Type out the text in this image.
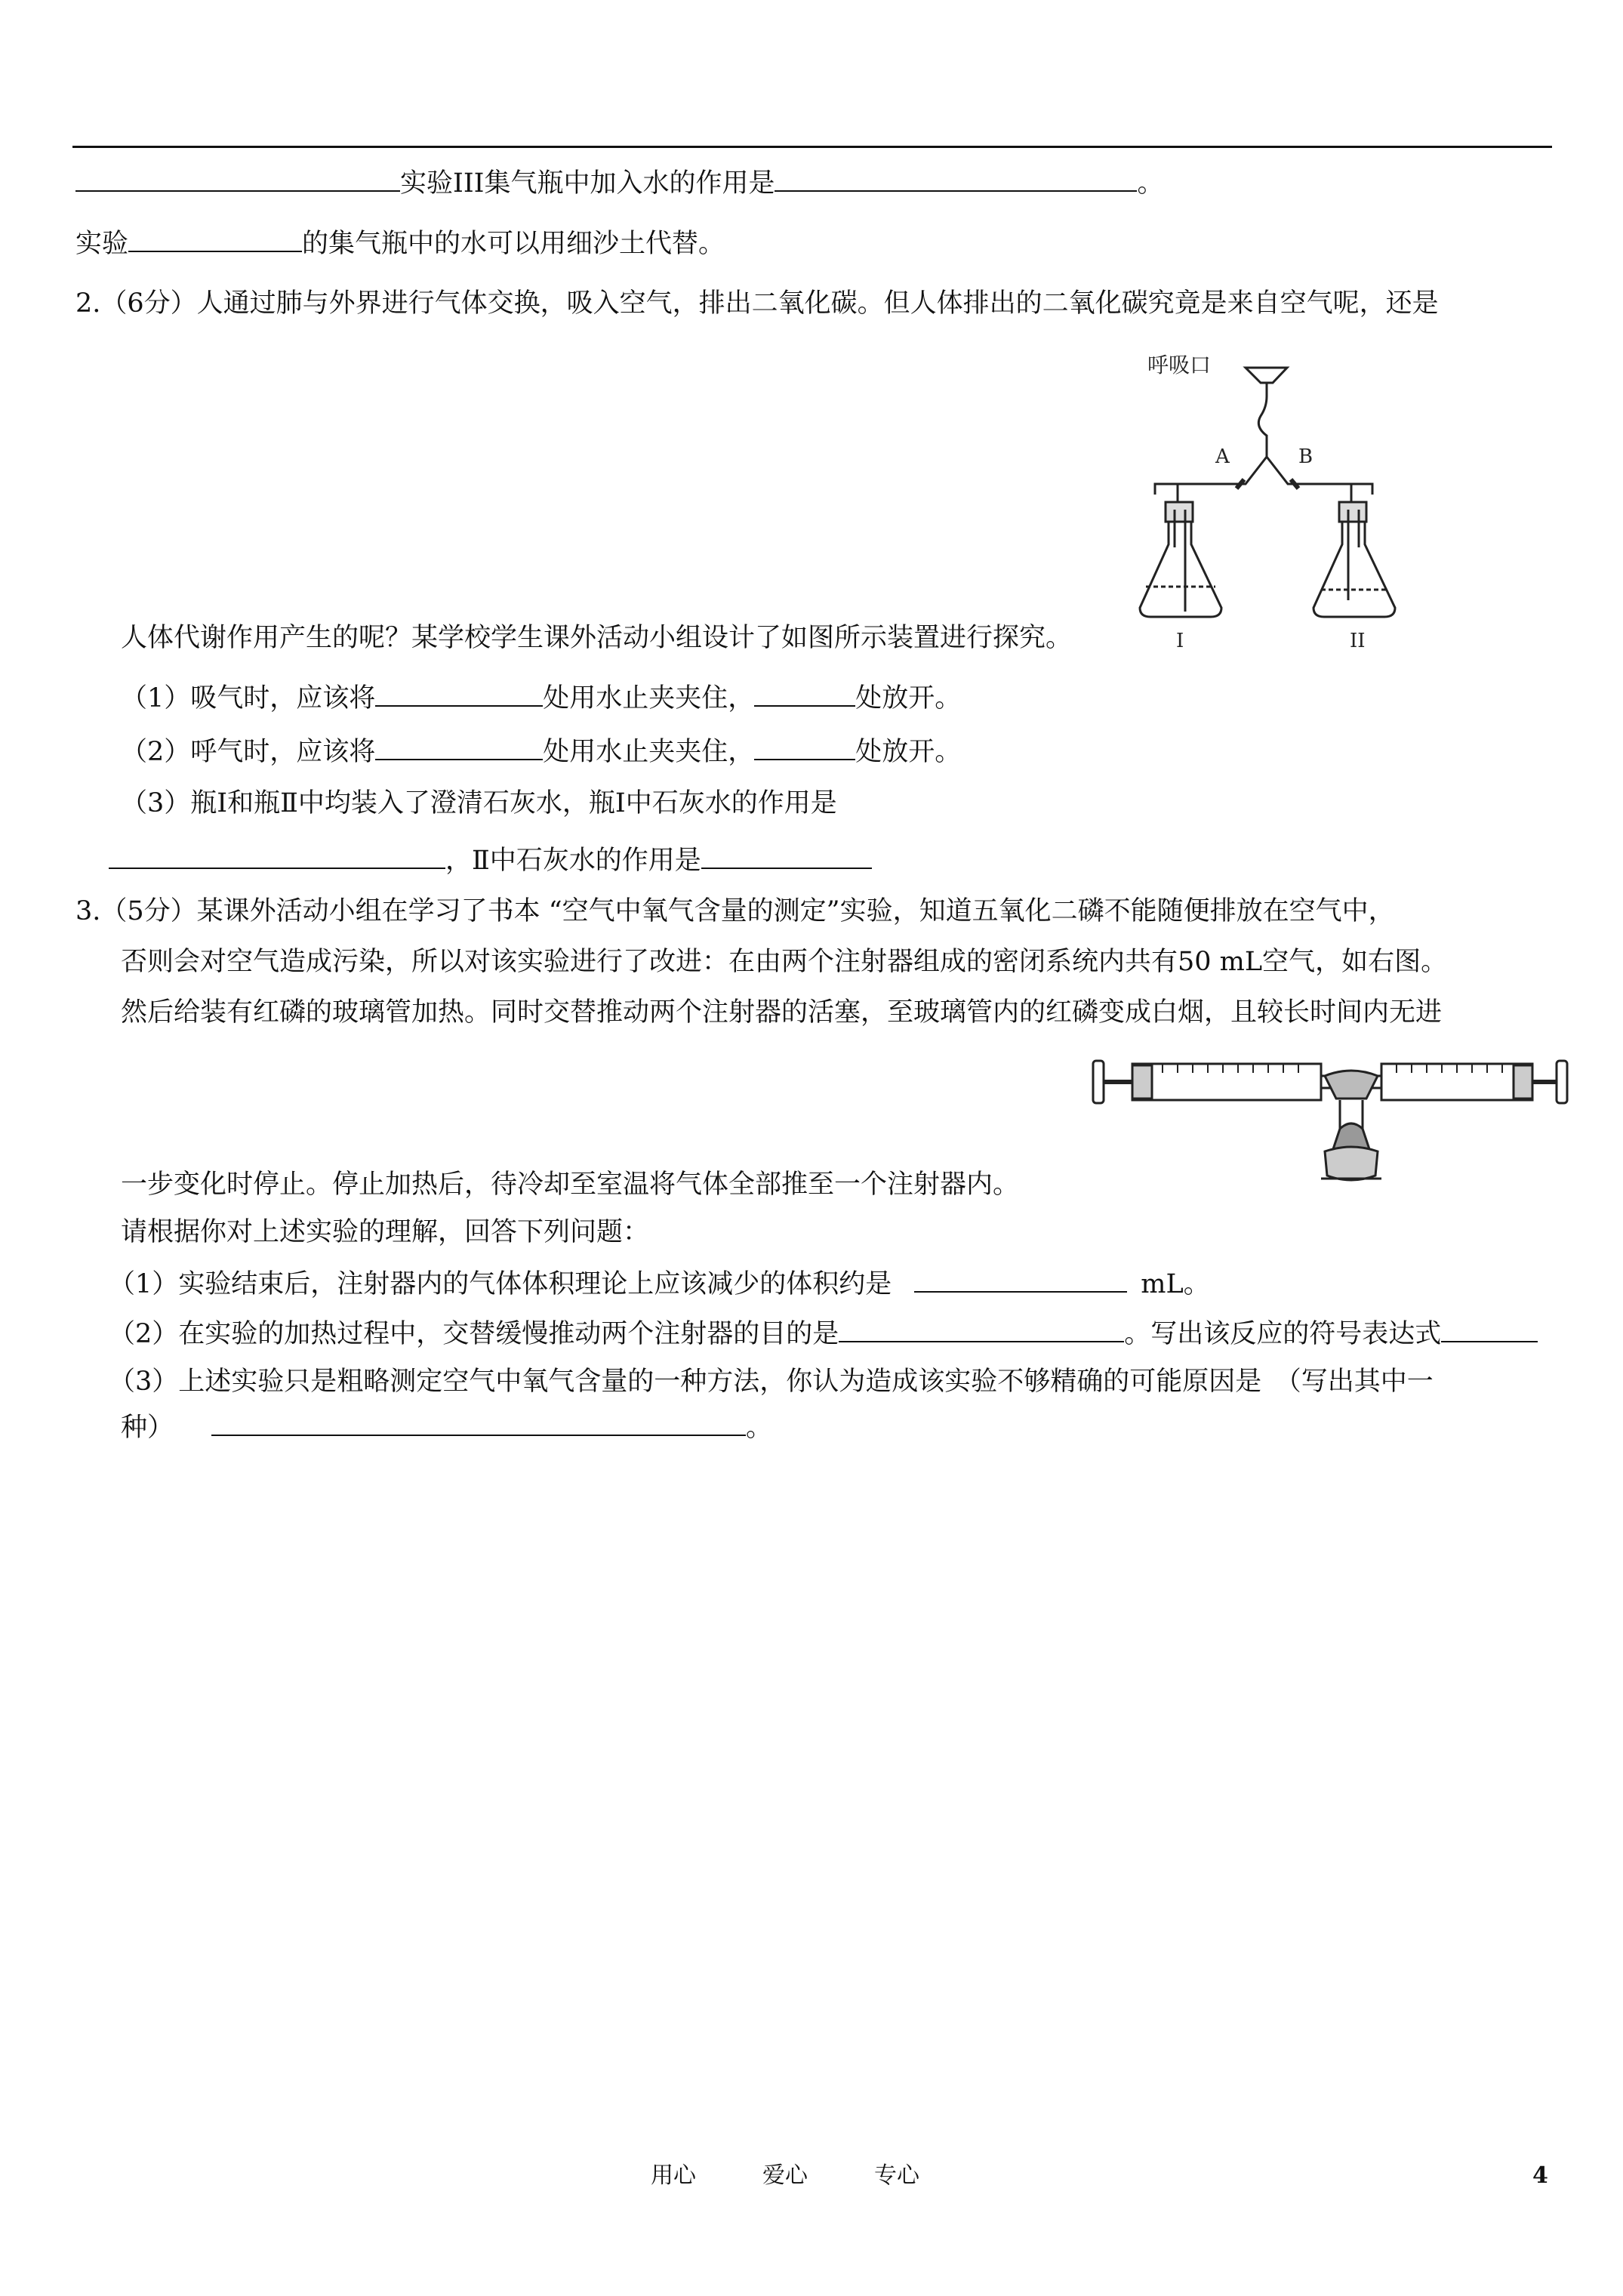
实验III集气瓶中加入水的作用是	。
实验	的集气瓶中的水可以用细沙土代替。
2.（6分）人通过肺与外界进行气体交换，吸入空气，排出二氧化碳。但人体排出的二氧化碳究竟是来自空气呢，还是
呼吸口
A	B
I	II
人体代谢作用产生的呢？某学校学生课外活动小组设计了如图所示装置进行探究。
（1）吸气时，应该将	处用水止夹夹住，	处放开。
（2）呼气时，应该将	处用水止夹夹住，	处放开。
（3）瓶Ⅰ和瓶Ⅱ中均装入了澄清石灰水，瓶Ⅰ中石灰水的作用是
，Ⅱ中石灰水的作用是
3.（5分）某课外活动小组在学习了书本 “空气中氧气含量的测定”实验，知道五氧化二磷不能随便排放在空气中，
否则会对空气造成污染，所以对该实验进行了改进：在由两个注射器组成的密闭系统内共有50 mL空气，如右图。
然后给装有红磷的玻璃管加热。同时交替推动两个注射器的活塞，至玻璃管内的红磷变成白烟，且较长时间内无进
一步变化时停止。停止加热后，待冷却至室温将气体全部推至一个注射器内。
请根据你对上述实验的理解，回答下列问题：
（1）实验结束后，注射器内的气体体积理论上应该减少的体积约是	mL。
（2）在实验的加热过程中，交替缓慢推动两个注射器的目的是	。写出该反应的符号表达式
（3）上述实验只是粗略测定空气中氧气含量的一种方法，你认为造成该实验不够精确的可能原因是　（写出其中一
种）	。
用心	爱心	专心	4
